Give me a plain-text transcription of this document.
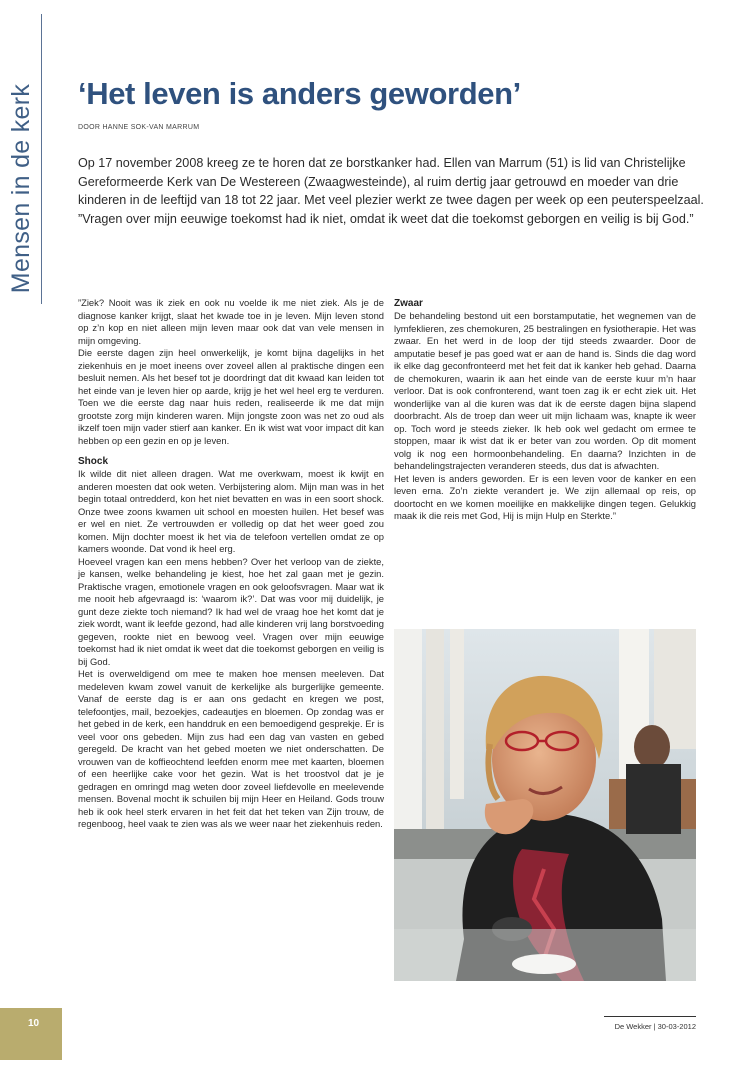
Mensen in de kerk ‘Het leven is anders geworden’
DOOR HANNE SOK-VAN MARRUM

Op 17 november 2008 kreeg ze te horen dat ze borstkanker had. Ellen van Marrum (51) is lid van Christelijke Gereformeerde Kerk van De Westereen (Zwaagwesteinde), al ruim dertig jaar getrouwd en moeder van drie kinderen in de leeftijd van 18 tot 22 jaar. Met veel plezier werkt ze twee dagen per week op een peuterspeelzaal. ”Vragen over mijn eeuwige toekomst had ik niet, omdat ik weet dat die toekomst geborgen en veilig is bij God.”

”Ziek? Nooit was ik ziek en ook nu voelde ik me niet ziek. Als je de diagnose kanker krijgt, slaat het kwade toe in je leven. Mijn leven stond op z’n kop en niet alleen mijn leven maar ook dat van vele mensen in mijn omgeving.

Die eerste dagen zijn heel onwerkelijk, je komt bijna dagelijks in het ziekenhuis en je moet ineens over zoveel allen al praktische dingen een besluit nemen. Als het besef tot je doordringt dat dit kwaad kan leiden tot het einde van je leven hier op aarde, krijg je het wel heel erg te verduren. Toen we die eerste dag naar huis reden, realiseerde ik me dat mijn grootste zorg mijn kinderen waren. Mijn jongste zoon was net zo oud als ikzelf toen mijn vader stierf aan kanker. En ik wist wat voor impact dit kan hebben op een gezin en op je leven.

Shock

Ik wilde dit niet alleen dragen. Wat me overkwam, moest ik kwijt en anderen moesten dat ook weten. Verbijstering alom. Mijn man was in het begin totaal ontredderd, kon het niet bevatten en was in een soort shock. Onze twee zoons kwamen uit school en moesten huilen. Het besef was er wel en niet. Ze vertrouwden er volledig op dat het weer goed zou komen. Mijn dochter moest ik het via de telefoon vertellen omdat ze op kamers woonde. Dat vond ik heel erg.

Hoeveel vragen kan een mens hebben? Over het verloop van de ziekte, je kansen, welke behandeling je kiest, hoe het zal gaan met je gezin. Praktische vragen, emotionele vragen en ook geloofsvragen. Maar wat ik me nooit heb afgevraagd is: ‘waarom ik?’. Dat was voor mij duidelijk, je gunt deze ziekte toch niemand? Ik had wel de vraag hoe het komt dat je ziek wordt, want ik leefde gezond, had alle kinderen vrij lang borstvoeding gegeven, rookte niet en bewoog veel. Vragen over mijn eeuwige toekomst had ik niet omdat ik weet dat die toekomst geborgen en veilig is bij God.

Het is overweldigend om mee te maken hoe mensen meeleven. Dat medeleven kwam zowel vanuit de kerkelijke als burgerlijke gemeente. Vanaf de eerste dag is er aan ons gedacht en kregen we post, telefoontjes, mail, bezoekjes, cadeautjes en bloemen. Op zondag was er het gebed in de kerk, een handdruk en een bemoedigend gesprekje. Er is veel voor ons gebeden. Mijn zus had een dag van vasten en gebed geregeld. De kracht van het gebed moeten we niet onderschatten. De vrouwen van de koffieochtend leefden enorm mee met kaarten, bloemen of een heerlijke cake voor het gezin. Wat is het troostvol dat je je gedragen en omringd mag weten door zoveel liefdevolle en meelevende mensen. Bovenal mocht ik schuilen bij mijn Heer en Heiland. Gods trouw heb ik ook heel sterk ervaren in het feit dat het teken van Zijn trouw, de regenboog, heel vaak te zien was als we weer naar het ziekenhuis reden.

Zwaar

De behandeling bestond uit een borstamputatie, het wegnemen van de lymfeklieren, zes chemokuren, 25 bestralingen en fysiotherapie. Het was zwaar. En het werd in de loop der tijd steeds zwaarder. Door de amputatie besef je pas goed wat er aan de hand is. Sinds die dag word ik elke dag geconfronteerd met het feit dat ik kanker heb gehad. Daarna de chemokuren, waarin ik aan het einde van de eerste kuur m’n haar verloor. Dat is ook confronterend, want toen zag ik er echt ziek uit. Het wonderlijke van al die kuren was dat ik de eerste dagen bijna slapend doorbracht. Als de troep dan weer uit mijn lichaam was, knapte ik weer op. Toch word je steeds zieker. Ik heb ook wel gedacht om ermee te stoppen, maar ik wist dat ik er beter van zou worden. Op dit moment volg ik nog een hormoonbehandeling. En daarna? Inzichten in de behandelingstrajecten veranderen steeds, dus dat is afwachten.

Het leven is anders geworden. Er is een leven voor de kanker en een leven erna. Zo’n ziekte verandert je. We zijn allemaal op reis, op doortocht en we komen moeilijke en makkelijke dingen tegen. Gelukkig maak ik die reis met God, Hij is mijn Hulp en Sterkte.”

10	De Wekker | 30-03-2012
